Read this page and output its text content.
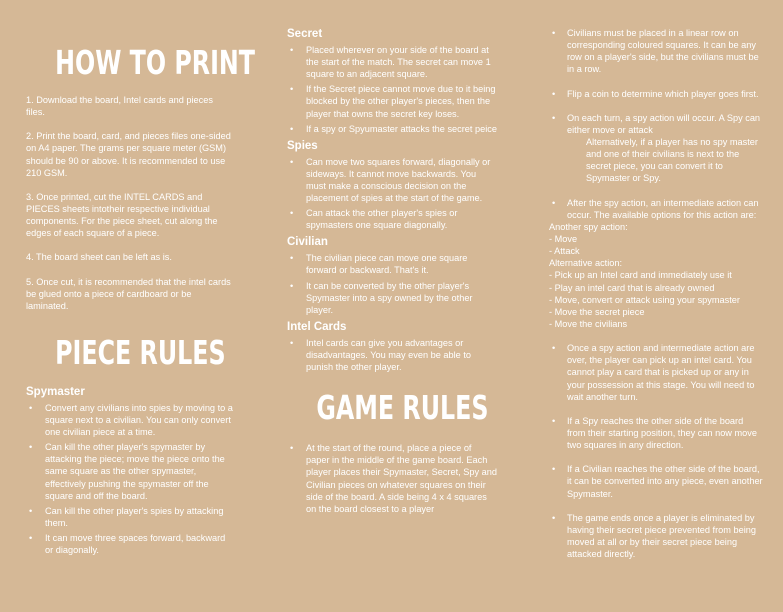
HOW TO PRINT

1. Download the board, Intel cards and pieces files.

2. Print the board, card, and pieces files one-sided on A4 paper. The grams per square meter (GSM) should be 90 or above. It is recommended to use 210 GSM.

3. Once printed, cut the INTEL CARDS and PIECES sheets intotheir respective individual components. For the piece sheet, cut along the edges of each square of a piece.

4. The board sheet can be left as is.

5. Once cut, it is recommended that the intel cards be glued onto a piece of cardboard or be laminated.

PIECE RULES
Spymaster
• Convert any civilians into spies by moving to a square next to a civilian. You can only convert one civilian piece at a time.
• Can kill the other player's spymaster by attacking the piece; move the piece onto the same square as the other spymaster, effectively pushing the spymaster off the square and off the board.
• Can kill the other player's spies by attacking them.
• It can move three spaces forward, backward or diagonally.
Secret
• Placed wherever on your side of the board at the start of the match. The secret can move 1 square to an adjacent square.
• If the Secret piece cannot move due to it being blocked by the other player's pieces, then the player that owns the secret key loses.
• If a spy or Spyumaster attacks the secret peice
Spies
• Can move two squares forward, diagonally or sideways. It cannot move backwards. You must make a conscious decision on the placement of spies at the start of the game.
• Can attack the other player's spies or spymasters one square diagonally.
Civilian
• The civilian piece can move one square forward or backward. That's it.
• It can be converted by the other player's Spymaster into a spy owned by the other player.
Intel Cards
• Intel cards can give you advantages or disadvantages. You may even be able to punish the other player.
GAME RULES
• At the start of the round, place a piece of paper in the middle of the game board. Each player places their Spymaster, Secret, Spy and Civilian pieces on whatever squares on their side of the board. A side being 4 x 4 squares on the board closest to a player
• Civilians must be placed in a linear row on corresponding coloured squares. It can be any row on a player's side, but the civilians must be in a row.
• Flip a coin to determine which player goes first.
• On each turn, a spy action will occur. A Spy can either move or attack

Alternatively, if a player has no spy master and one of their civilians is next to the secret piece, you can convert it to Spymaster or Spy.

• After the spy action, an intermediate action can occur. The available options for this action are:

Another spy action:

- Move

- Attack

Alternative action:

- Pick up an Intel card and immediately use it

- Play an intel card that is already owned

- Move, convert or attack using your spymaster

- Move the secret piece

- Move the civilians

• Once a spy action and intermediate action are over, the player can pick up an intel card. You cannot play a card that is picked up or any in your possession at this stage. You will need to wait another turn.
• If a Spy reaches the other side of the board from their starting position, they can now move two squares in any direction.
• If a Civilian reaches the other side of the board, it can be converted into any piece, even another Spymaster.
• The game ends once a player is eliminated by having their secret piece prevented from being moved at all or by their secret piece being attacked directly.
